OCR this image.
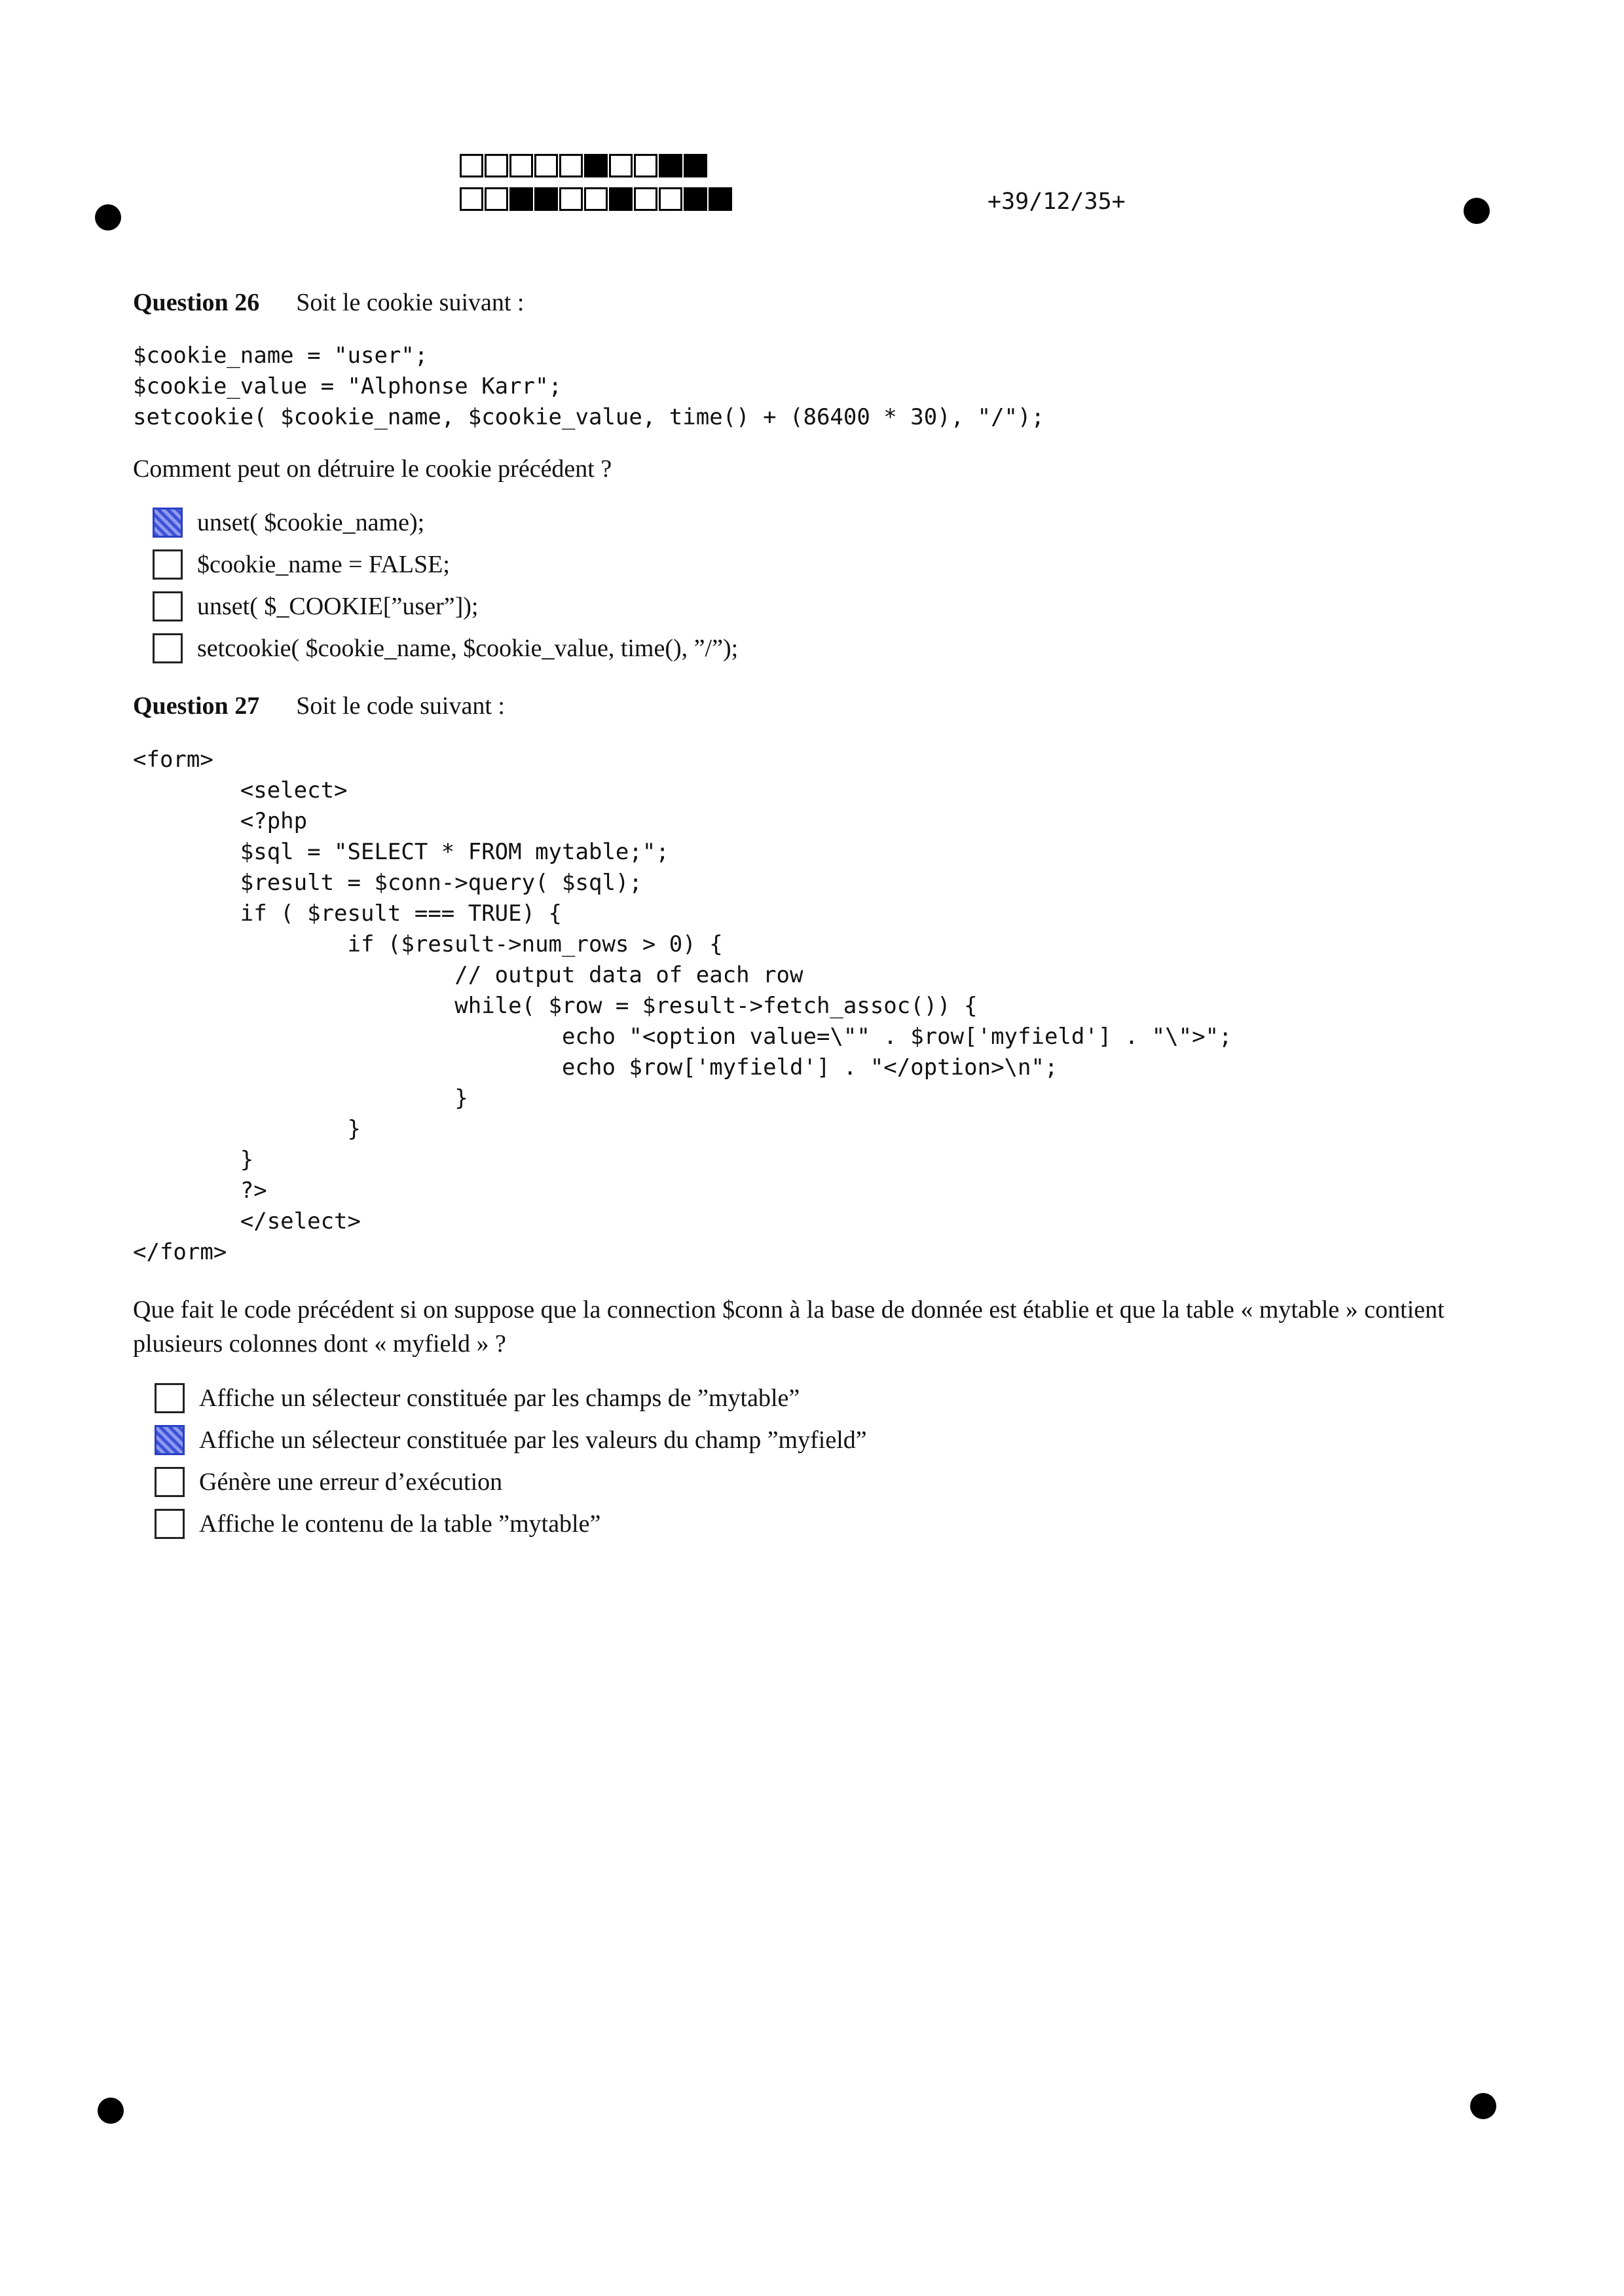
+39/12/35+
Question 26 Soit le cookie suivant :
$cookie_name = "user";
$cookie_value = "Alphonse Karr";
setcookie( $cookie_name, $cookie_value, time() + (86400 * 30), "/");
Comment peut on détruire le cookie précédent ?
unset( $cookie_name);
$cookie_name = FALSE;
unset( $_COOKIE[”user”]);
setcookie( $cookie_name, $cookie_value, time(), ”/”);
Question 27 Soit le code suivant :
<form>
<select>
<?php
$sql = "SELECT * FROM mytable;";
$result = $conn->query( $sql);
if ( $result === TRUE) {
if ($result->num_rows > 0) {
// output data of each row
while( $row = $result->fetch_assoc()) {
echo "<option value=\"" . $row['myfield'] . "\">";
echo $row['myfield'] . "</option>\n";
}
}
}
?>
</select>
</form>
Que fait le code précédent si on suppose que la connection $conn à la base de donnée est établie et que la table « mytable » contient plusieurs colonnes dont « myfield » ?
Affiche un sélecteur constituée par les champs de ”mytable”
Affiche un sélecteur constituée par les valeurs du champ ”myfield”
Génère une erreur d’exécution
Affiche le contenu de la table ”mytable”
